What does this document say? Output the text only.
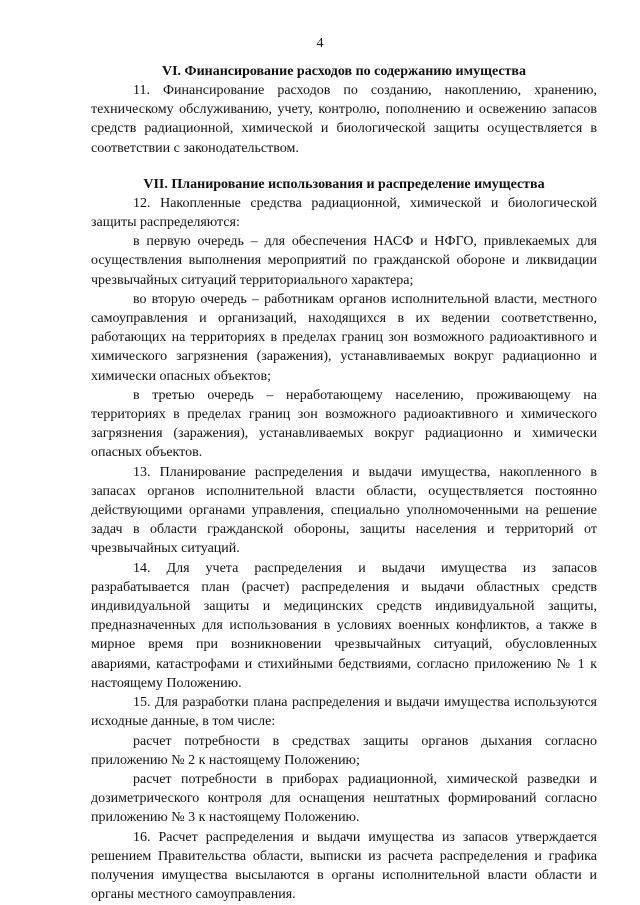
4
VI. Финансирование расходов по содержанию имущества

11. Финансирование расходов по созданию, накоплению, хранению, техническому обслуживанию, учету, контролю, пополнению и освежению запасов средств радиационной, химической и биологической защиты осуществляется в соответствии с законодательством.

VII. Планирование использования и распределение имущества

12. Накопленные средства радиационной, химической и биологической защиты распределяются:

в первую очередь – для обеспечения НАСФ и НФГО, привлекаемых для осуществления выполнения мероприятий по гражданской обороне и ликвидации чрезвычайных ситуаций территориального характера;

во вторую очередь – работникам органов исполнительной власти, местного самоуправления и организаций, находящихся в их ведении соответственно, работающих на территориях в пределах границ зон возможного радиоактивного и химического загрязнения (заражения), устанавливаемых вокруг радиационно и химически опасных объектов;

в третью очередь – неработающему населению, проживающему на территориях в пределах границ зон возможного радиоактивного и химического загрязнения (заражения), устанавливаемых вокруг радиационно и химически опасных объектов.

13. Планирование распределения и выдачи имущества, накопленного в запасах органов исполнительной власти области, осуществляется постоянно действующими органами управления, специально уполномоченными на решение задач в области гражданской обороны, защиты населения и территорий от чрезвычайных ситуаций.

14. Для учета распределения и выдачи имущества из запасов разрабатывается план (расчет) распределения и выдачи областных средств индивидуальной защиты и медицинских средств индивидуальной защиты, предназначенных для использования в условиях военных конфликтов, а также в мирное время при возникновении чрезвычайных ситуаций, обусловленных авариями, катастрофами и стихийными бедствиями, согласно приложению № 1 к настоящему Положению.

15. Для разработки плана распределения и выдачи имущества используются исходные данные, в том числе:

расчет потребности в средствах защиты органов дыхания согласно приложению № 2 к настоящему Положению;

расчет потребности в приборах радиационной, химической разведки и дозиметрического контроля для оснащения нештатных формирований согласно приложению № 3 к настоящему Положению.

16. Расчет распределения и выдачи имущества из запасов утверждается решением Правительства области, выписки из расчета распределения и графика получения имущества высылаются в органы исполнительной власти области и органы местного самоуправления.
